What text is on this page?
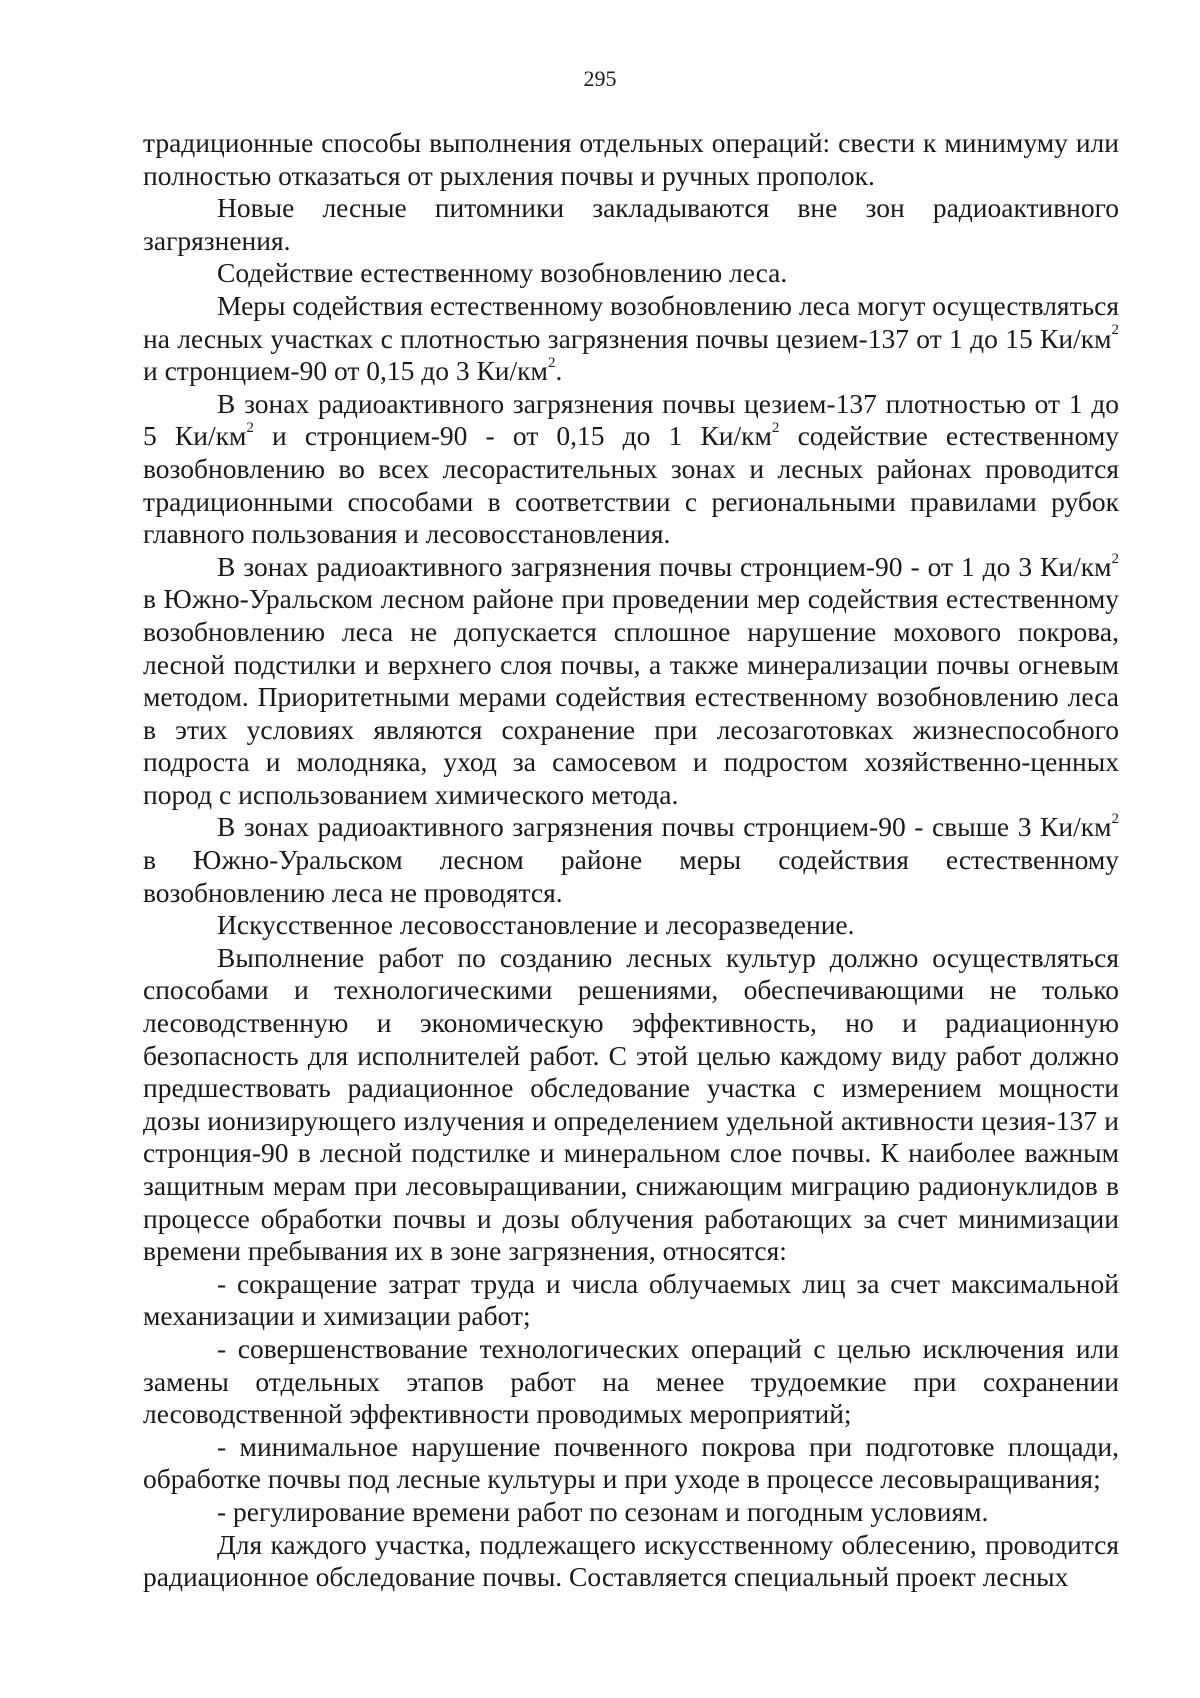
295

традиционные способы выполнения отдельных операций: свести к минимуму или полностью отказаться от рыхления почвы и ручных прополок.

Новые лесные питомники закладываются вне зон радиоактивного загрязнения.

Содействие естественному возобновлению леса.

Меры содействия естественному возобновлению леса могут осуществляться на лесных участках с плотностью загрязнения почвы цезием-137 от 1 до 15 $Ки/км^2$ и стронцием-90 от 0,15 до 3 $Ки/км^2$.

В зонах радиоактивного загрязнения почвы цезием-137 плотностью от 1 до 5 $Ки/км^2$ и стронцием-90 - от 0,15 до 1 $Ки/км^2$ содействие естественному возобновлению во всех лесорастительных зонах и лесных районах проводится традиционными способами в соответствии с региональными правилами рубок главного пользования и лесовосстановления.

В зонах радиоактивного загрязнения почвы стронцием-90 - от 1 до 3 $Ки/км^2$ в Южно-Уральском лесном районе при проведении мер содействия естественному возобновлению леса не допускается сплошное нарушение мохового покрова, лесной подстилки и верхнего слоя почвы, а также минерализации почвы огневым методом. Приоритетными мерами содействия естественному возобновлению леса в этих условиях являются сохранение при лесозаготовках жизнеспособного подроста и молодняка, уход за самосевом и подростом хозяйственно-ценных пород с использованием химического метода.

В зонах радиоактивного загрязнения почвы стронцием-90 - свыше 3 $Ки/км^2$ в Южно-Уральском лесном районе меры содействия естественному возобновлению леса не проводятся.

Искусственное лесовосстановление и лесоразведение.

Выполнение работ по созданию лесных культур должно осуществляться способами и технологическими решениями, обеспечивающими не только лесоводственную и экономическую эффективность, но и радиационную безопасность для исполнителей работ. С этой целью каждому виду работ должно предшествовать радиационное обследование участка с измерением мощности дозы ионизирующего излучения и определением удельной активности цезия-137 и стронция-90 в лесной подстилке и минеральном слое почвы. К наиболее важным защитным мерам при лесовыращивании, снижающим миграцию радионуклидов в процессе обработки почвы и дозы облучения работающих за счет минимизации времени пребывания их в зоне загрязнения, относятся:

- сокращение затрат труда и числа облучаемых лиц за счет максимальной механизации и химизации работ;

- совершенствование технологических операций с целью исключения или замены отдельных этапов работ на менее трудоемкие при сохранении лесоводственной эффективности проводимых мероприятий;

- минимальное нарушение почвенного покрова при подготовке площади, обработке почвы под лесные культуры и при уходе в процессе лесовыращивания;

- регулирование времени работ по сезонам и погодным условиям.

Для каждого участка, подлежащего искусственному облесению, проводится радиационное обследование почвы. Составляется специальный проект лесных
